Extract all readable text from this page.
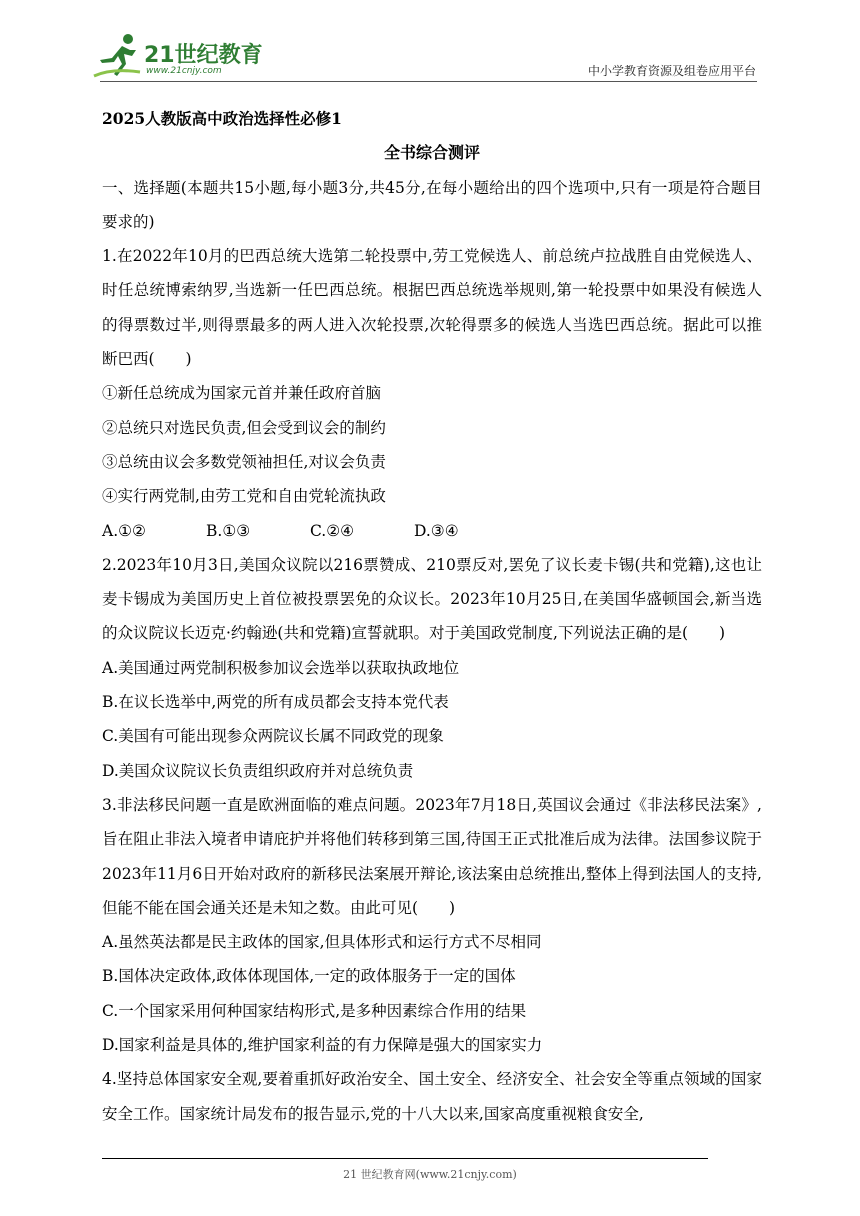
21世纪教育
www.21cnjy.com	中小学教育资源及组卷应用平台
2025人教版高中政治选择性必修1
全书综合测评

一、选择题(本题共15小题,每小题3分,共45分,在每小题给出的四个选项中,只有一项是符合题目要求的)

1.在2022年10月的巴西总统大选第二轮投票中,劳工党候选人、前总统卢拉战胜自由党候选人、时任总统博索纳罗,当选新一任巴西总统。根据巴西总统选举规则,第一轮投票中如果没有候选人的得票数过半,则得票最多的两人进入次轮投票,次轮得票多的候选人当选巴西总统。据此可以推断巴西(　　)

①新任总统成为国家元首并兼任政府首脑
②总统只对选民负责,但会受到议会的制约
③总统由议会多数党领袖担任,对议会负责
④实行两党制,由劳工党和自由党轮流执政
A.①②	B.①③	C.②④	D.③④

2.2023年10月3日,美国众议院以216票赞成、210票反对,罢免了议长麦卡锡(共和党籍),这也让麦卡锡成为美国历史上首位被投票罢免的众议长。2023年10月25日,在美国华盛顿国会,新当选的众议院议长迈克·约翰逊(共和党籍)宣誓就职。对于美国政党制度,下列说法正确的是(　　)

A.美国通过两党制积极参加议会选举以获取执政地位
B.在议长选举中,两党的所有成员都会支持本党代表
C.美国有可能出现参众两院议长属不同政党的现象
D.美国众议院议长负责组织政府并对总统负责

3.非法移民问题一直是欧洲面临的难点问题。2023年7月18日,英国议会通过《非法移民法案》,旨在阻止非法入境者申请庇护并将他们转移到第三国,待国王正式批准后成为法律。法国参议院于2023年11月6日开始对政府的新移民法案展开辩论,该法案由总统推出,整体上得到法国人的支持,但能不能在国会通关还是未知之数。由此可见(　　)

A.虽然英法都是民主政体的国家,但具体形式和运行方式不尽相同
B.国体决定政体,政体体现国体,一定的政体服务于一定的国体
C.一个国家采用何种国家结构形式,是多种因素综合作用的结果
D.国家利益是具体的,维护国家利益的有力保障是强大的国家实力

4.坚持总体国家安全观,要着重抓好政治安全、国土安全、经济安全、社会安全等重点领域的国家安全工作。国家统计局发布的报告显示,党的十八大以来,国家高度重视粮食安全,

21 世纪教育网(www.21cnjy.com)
